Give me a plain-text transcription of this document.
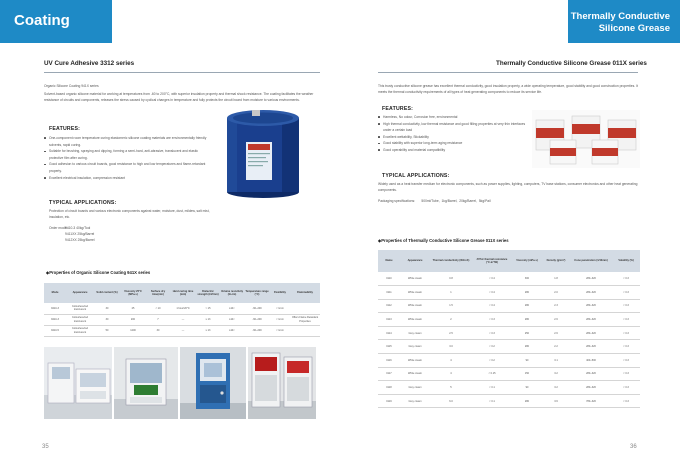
Coating	Thermally Conductive
Silicone Grease
UV Cure Adhesive 3312 series
Organic Silicone Coating 941X series
Solvent-based organic silicone material for working at temperatures from -60 to 200°C, with superior insulation property and thermal shock resistance. The coating facilitates the weather resistance of circuits and components, releases the stress caused by cyclical changes in temperature and fully protects the circuit board from moisture to various environments.
FEATURES:
One-component room temperature curing elastomeric silicone coating materials are environmentally friendly solvents, rapid curing.
Suitable for brushing, spraying and dipping, forming a semi-hard, anti-abrasive, translucent and elastic protective film after curing.
Good adhesion to various circuit boards, good resistance to high and low temperatures and flame-retardant property.
Excellent electrical insulation, compression resistant
TYPICAL APPLICATIONS:
Protection of circuit boards and various electronic components against water, moisture, dust, mildew, salt mist, insulation, etc.
Order mode:
9410-3 40kg/Tool
9411XX 25kg/Barrel
9412XX 25kg/Barrel
◆Properties of Organic Silicone Coating 941X series
Mode	Appearance	Solid content (%)	Viscosity 25°C (MPa·s)	Surface dry time(min)	Hard curing time (min)	Dielectric strength (kV/mm)	Volume resistivity (Ω·cm)	Temperature range (°C)	Flexibility	Flammability
9410-3	Colourless/red translucent	30	25	< 10	1 hour/20°C	> 15	≥10¹⁴	-60~200	< 1mm	
9410-3	Colourless/red translucent	30	200	7	—	≥ 13	≥10¹⁴	-60~200	< 1mm	Offers Flame Retardant Properties
9410-5	Colourless/red translucent	50	1200	30	—	≥ 13	≥10¹⁴	-60~200	< 1mm	
35
Thermally Conductive Silicone Grease 011X series
This trusty conductive silicone grease has excellent thermal conductivity, good insulation property, a wide operating temperature, good stability and good construction properties. It meets the thermal conductivity requirements of all types of heat generating components to reduce its service life.
FEATURES:
Harmless, No odour, Corrosion free, environmental
High thermal conductivity, low thermal resistance and good filling properties at very thin interfaces under a certain load
Excellent wettability, Stickability
Good stability with superior long-term aging resistance
Good operability and material compatibility
TYPICAL APPLICATIONS:
Widely used as a heat transfer medium for electronic components, such as power supplies, lighting, computers, TV base stations, consumer electronics and other heat generating components.
Packaging specifications:       500ml/Tube,  1kg/Barrel,  20kg/Barrel,  5kg/Pail
◆Properties of Thermally Conductive Silicone Grease 011X series
Name	Appearance	Thermal conductivity (W/m·K)	#0°Hz thermal resistance (°C·in²/W)	Viscosity (mPa·s)	Density (g/cm³)	Cone penetration (1/10mm)	Volatility (%)
0110	White cream	0.8	< 0.4	300	1.8	280~320	< 0.3
0111	White cream	1	< 0.4	280	2.0	280~320	< 0.3
0112	White cream	1.5	< 0.4	280	2.3	280~320	< 0.3
0113	White cream	2	< 0.3	280	2.6	280~320	< 0.3
0114	Grey cream	2.5	< 0.3	250	2.6	280~320	< 0.3
0115	Grey cream	3.0	< 0.2	280	2.2	280~320	< 0.3
0116	White cream	4	< 0.2	90	3.1	400~500	< 0.3
0117	White cream	4	< 0.15	150	3.2	280~320	< 0.3
0118	Grey cream	5	< 0.1	90	3.2	280~320	< 0.3
0119	Grey cream	6.0	< 0.1	280	3.6	780~320	< 0.3
36
